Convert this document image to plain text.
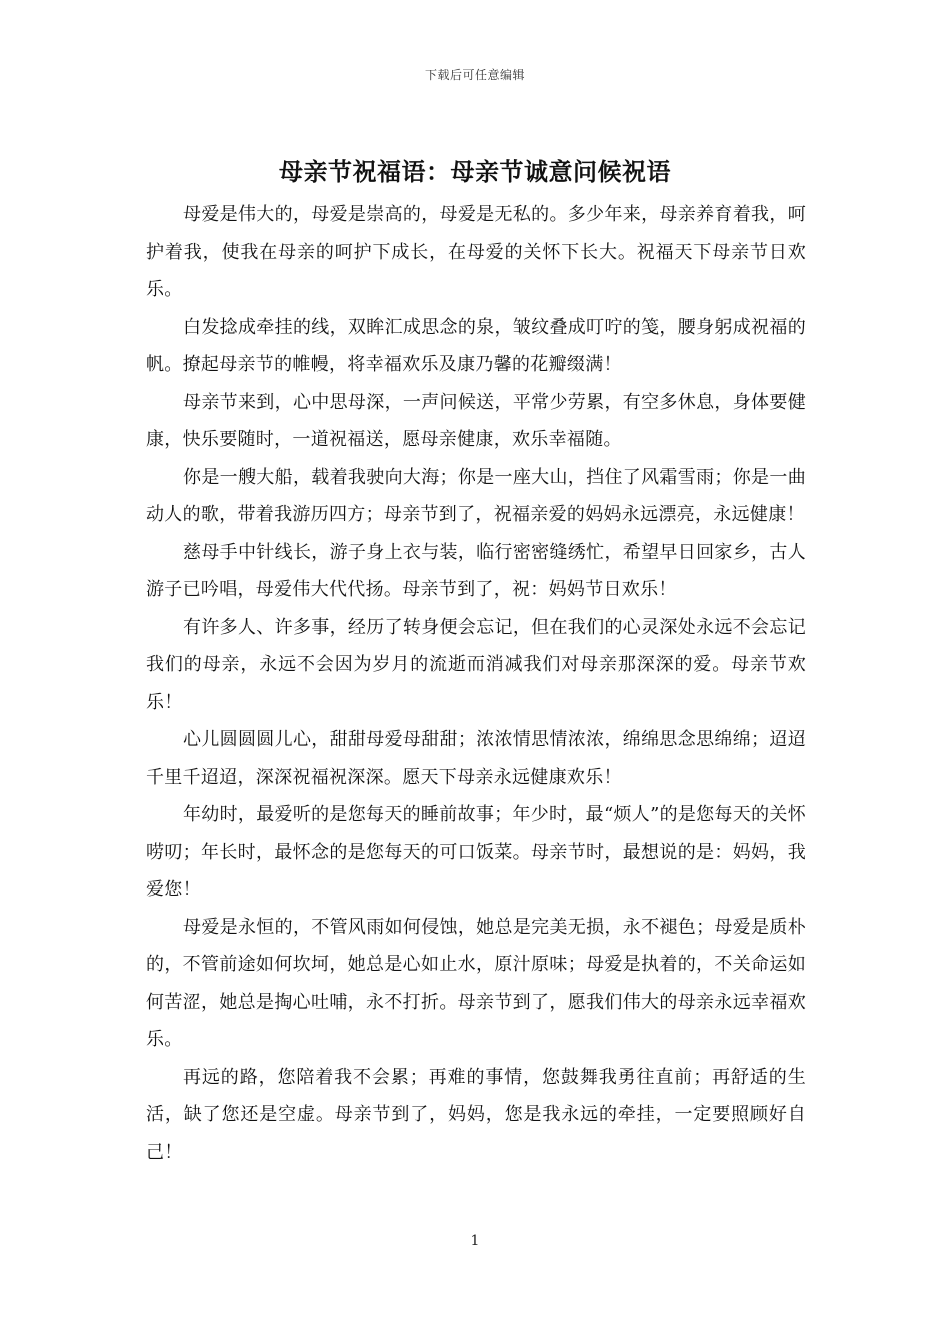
下载后可任意编辑
母亲节祝福语：母亲节诚意问候祝语

母爱是伟大的，母爱是崇高的，母爱是无私的。多少年来，母亲养育着我，呵护着我，使我在母亲的呵护下成长，在母爱的关怀下长大。祝福天下母亲节日欢乐。

白发捻成牵挂的线，双眸汇成思念的泉，皱纹叠成叮咛的笺，腰身躬成祝福的帆。撩起母亲节的帷幔，将幸福欢乐及康乃馨的花瓣缀满！

母亲节来到，心中思母深，一声问候送，平常少劳累，有空多休息，身体要健康，快乐要随时，一道祝福送，愿母亲健康，欢乐幸福随。

你是一艘大船，载着我驶向大海；你是一座大山，挡住了风霜雪雨；你是一曲动人的歌，带着我游历四方；母亲节到了，祝福亲爱的妈妈永远漂亮，永远健康！

慈母手中针线长，游子身上衣与装，临行密密缝绣忙，希望早日回家乡，古人游子已吟唱，母爱伟大代代扬。母亲节到了，祝：妈妈节日欢乐！

有许多人、许多事，经历了转身便会忘记，但在我们的心灵深处永远不会忘记我们的母亲，永远不会因为岁月的流逝而消减我们对母亲那深深的爱。母亲节欢乐！

心儿圆圆圆儿心，甜甜母爱母甜甜；浓浓情思情浓浓，绵绵思念思绵绵；迢迢千里千迢迢，深深祝福祝深深。愿天下母亲永远健康欢乐！

年幼时，最爱听的是您每天的睡前故事；年少时，最“烦人”的是您每天的关怀唠叨；年长时，最怀念的是您每天的可口饭菜。母亲节时，最想说的是：妈妈，我爱您！

母爱是永恒的，不管风雨如何侵蚀，她总是完美无损，永不褪色；母爱是质朴的，不管前途如何坎坷，她总是心如止水，原汁原味；母爱是执着的，不关命运如何苦涩，她总是掏心吐哺，永不打折。母亲节到了，愿我们伟大的母亲永远幸福欢乐。

再远的路，您陪着我不会累；再难的事情，您鼓舞我勇往直前；再舒适的生活，缺了您还是空虚。母亲节到了，妈妈，您是我永远的牵挂，一定要照顾好自己！

1
